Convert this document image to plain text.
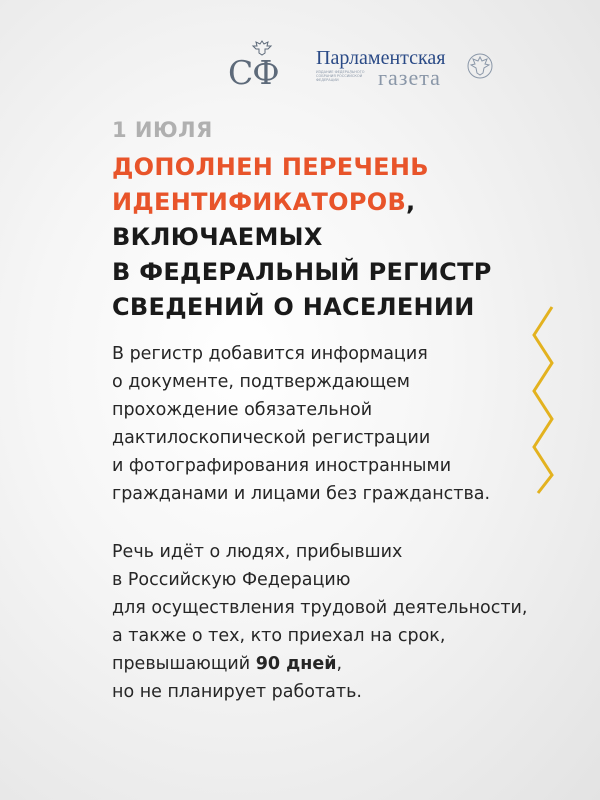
СФ Парламентская
ИЗДАНИЕ ФЕДЕРАЛЬНОГО СОБРАНИЯ РОССИЙСКОЙ ФЕДЕРАЦИИ	газета
1 ИЮЛЯ
ДОПОЛНЕН ПЕРЕЧЕНЬ ИДЕНТИФИКАТОРОВ,
ВКЛЮЧАЕМЫХ
В ФЕДЕРАЛЬНЫЙ РЕГИСТР
СВЕДЕНИЙ О НАСЕЛЕНИИ
В регистр добавится информация
о документе, подтверждающем
прохождение обязательной
дактилоскопической регистрации
и фотографирования иностранными
гражданами и лицами без гражданства.
Речь идёт о людях, прибывших
в Российскую Федерацию
для осуществления трудовой деятельности,
а также о тех, кто приехал на срок,
превышающий 90 дней,
но не планирует работать.
